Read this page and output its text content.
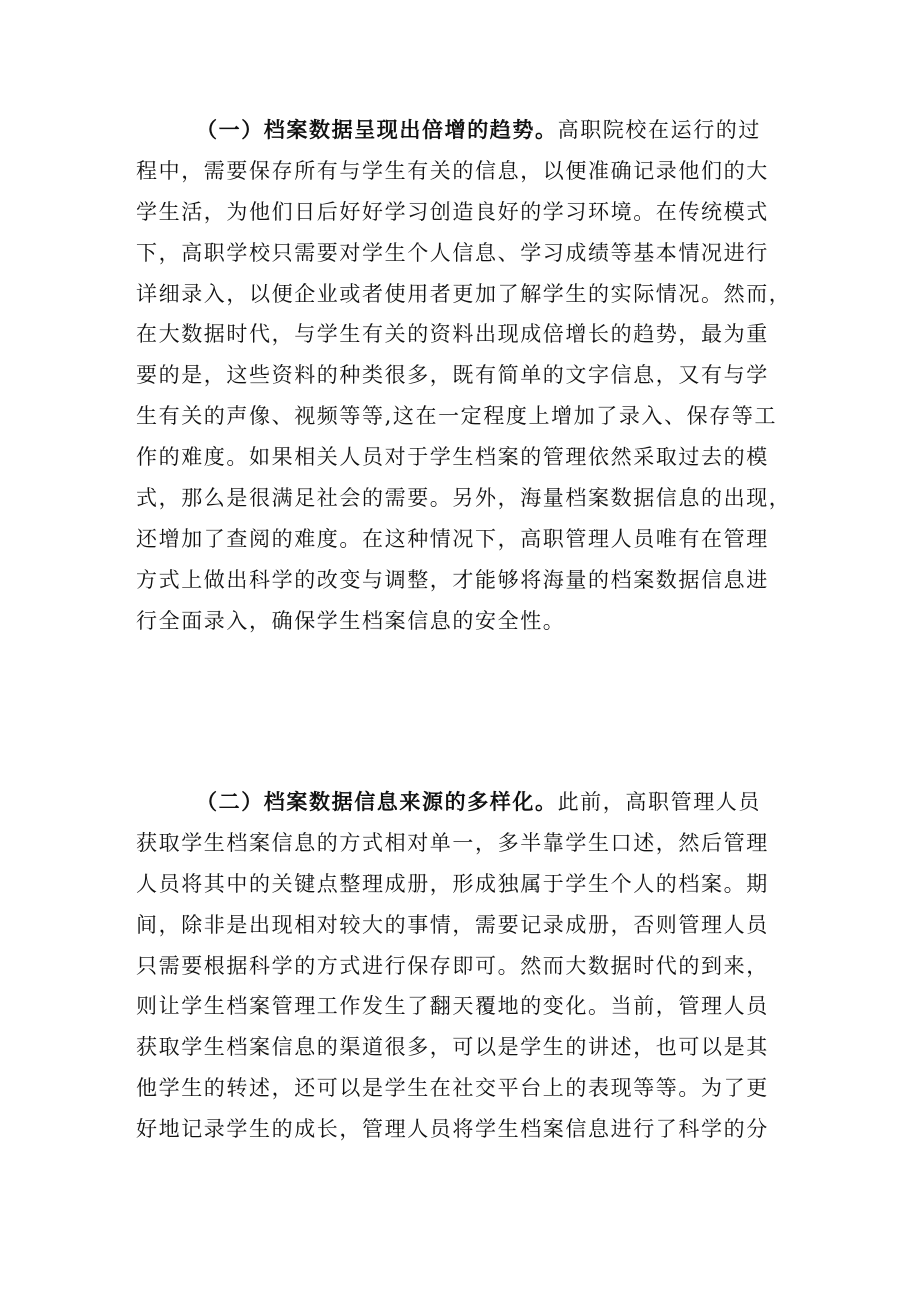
（一）档案数据呈现出倍增的趋势。高职院校在运行的过
程中，需要保存所有与学生有关的信息，以便准确记录他们的大
学生活，为他们日后好好学习创造良好的学习环境。在传统模式
下，高职学校只需要对学生个人信息、学习成绩等基本情况进行
详细录入，以便企业或者使用者更加了解学生的实际情况。然而，
在大数据时代，与学生有关的资料出现成倍增长的趋势，最为重
要的是，这些资料的种类很多，既有简单的文字信息，又有与学
生有关的声像、视频等等,这在一定程度上增加了录入、保存等工
作的难度。如果相关人员对于学生档案的管理依然采取过去的模
式，那么是很满足社会的需要。另外，海量档案数据信息的出现，
还增加了查阅的难度。在这种情况下，高职管理人员唯有在管理
方式上做出科学的改变与调整，才能够将海量的档案数据信息进
行全面录入，确保学生档案信息的安全性。
（二）档案数据信息来源的多样化。此前，高职管理人员
获取学生档案信息的方式相对单一，多半靠学生口述，然后管理
人员将其中的关键点整理成册，形成独属于学生个人的档案。期
间，除非是出现相对较大的事情，需要记录成册，否则管理人员
只需要根据科学的方式进行保存即可。然而大数据时代的到来，
则让学生档案管理工作发生了翻天覆地的变化。当前，管理人员
获取学生档案信息的渠道很多，可以是学生的讲述，也可以是其
他学生的转述，还可以是学生在社交平台上的表现等等。为了更
好地记录学生的成长，管理人员将学生档案信息进行了科学的分
